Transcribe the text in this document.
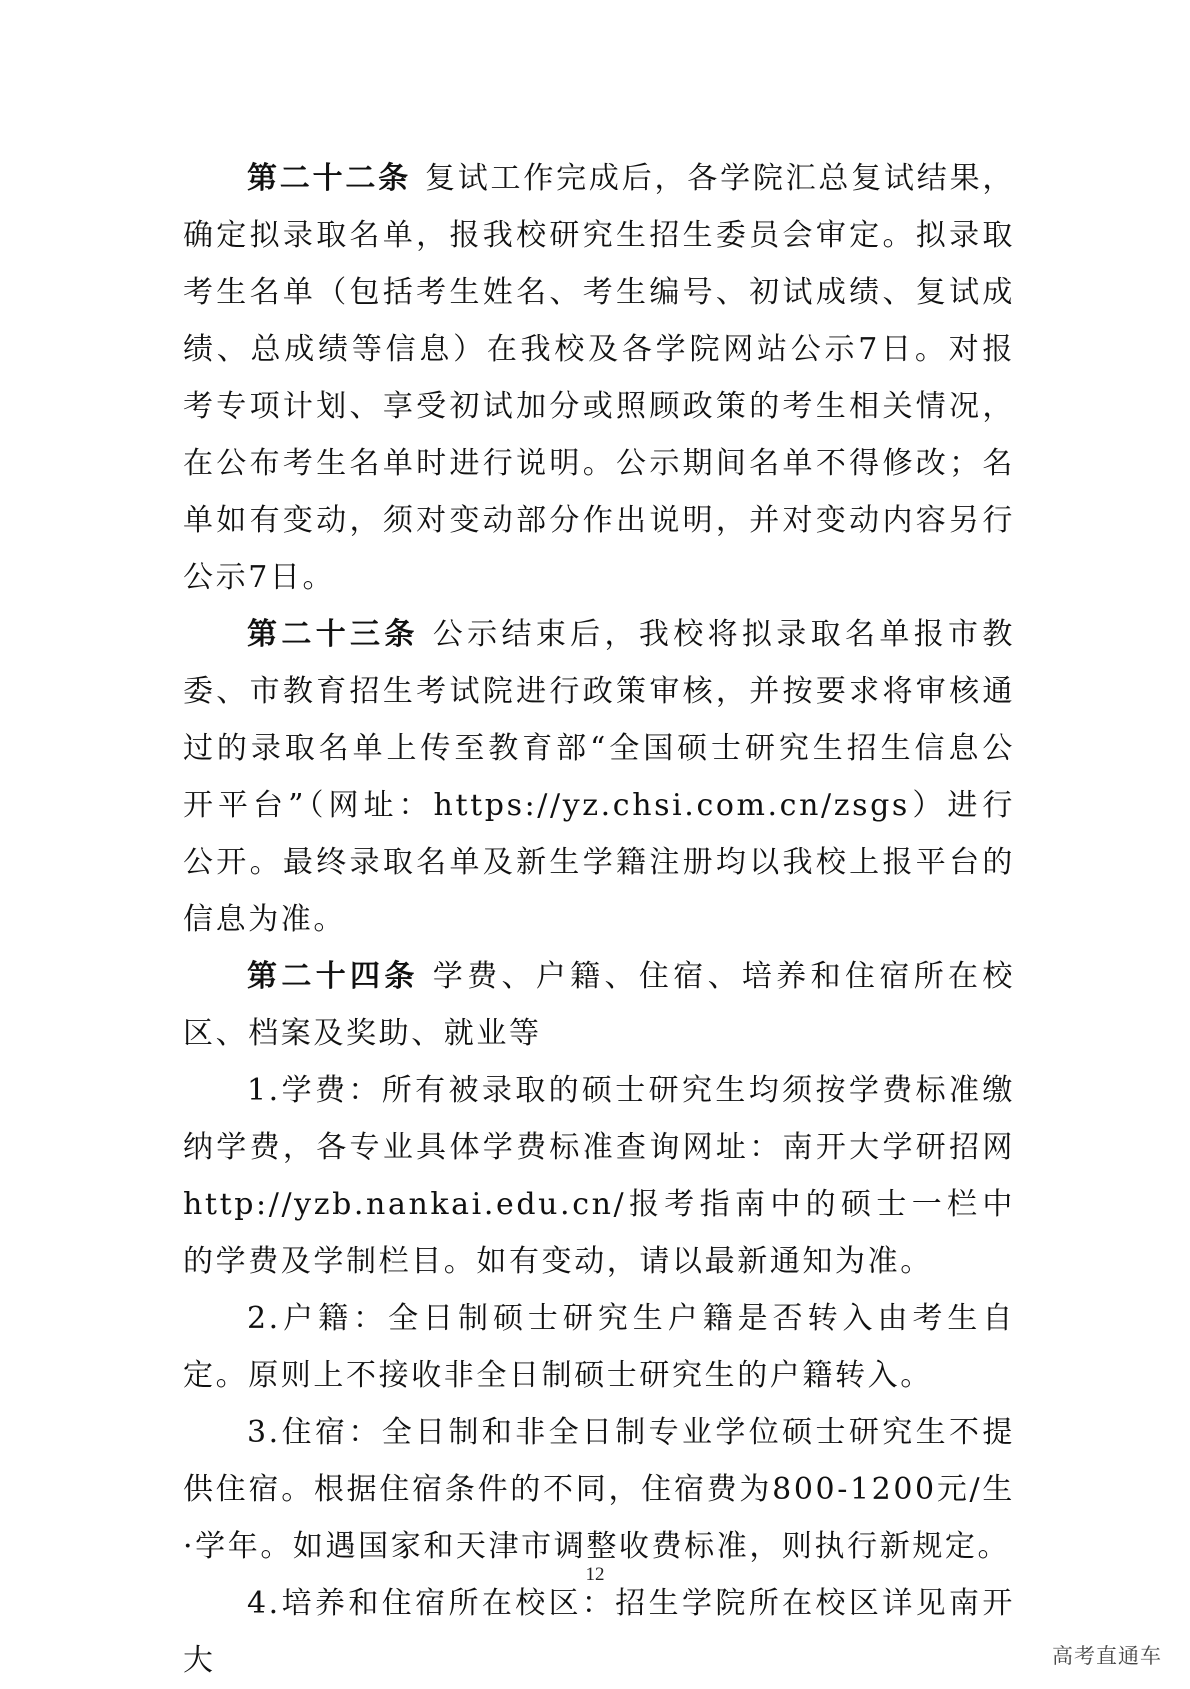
第二十二条 复试工作完成后，各学院汇总复试结果，确定拟录取名单，报我校研究生招生委员会审定。拟录取考生名单（包括考生姓名、考生编号、初试成绩、复试成绩、总成绩等信息）在我校及各学院网站公示7日。对报考专项计划、享受初试加分或照顾政策的考生相关情况，在公布考生名单时进行说明。公示期间名单不得修改；名单如有变动，须对变动部分作出说明，并对变动内容另行公示7日。

第二十三条 公示结束后，我校将拟录取名单报市教委、市教育招生考试院进行政策审核，并按要求将审核通过的录取名单上传至教育部“全国硕士研究生招生信息公开平台”（网址：https://yz.chsi.com.cn/zsgs）进行公开。最终录取名单及新生学籍注册均以我校上报平台的信息为准。

第二十四条 学费、户籍、住宿、培养和住宿所在校区、档案及奖助、就业等

1.学费：所有被录取的硕士研究生均须按学费标准缴纳学费，各专业具体学费标准查询网址：南开大学研招网http://yzb.nankai.edu.cn/报考指南中的硕士一栏中的学费及学制栏目。如有变动，请以最新通知为准。

2.户籍：全日制硕士研究生户籍是否转入由考生自定。原则上不接收非全日制硕士研究生的户籍转入。

3.住宿：全日制和非全日制专业学位硕士研究生不提供住宿。根据住宿条件的不同，住宿费为800-1200元/生·学年。如遇国家和天津市调整收费标准，则执行新规定。

4.培养和住宿所在校区：招生学院所在校区详见南开大

12
高考直通车
